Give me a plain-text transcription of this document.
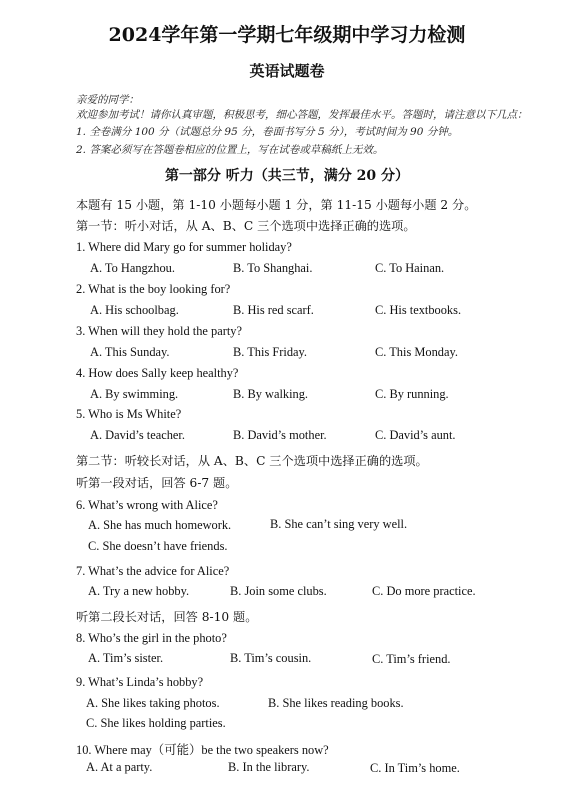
2024学年第一学期七年级期中学习力检测
英语试题卷
亲爱的同学：
欢迎参加考试！请你认真审题，积极思考，细心答题，发挥最佳水平。答题时，请注意以下几点：
1. 全卷满分 100 分（试题总分 95 分，卷面书写分 5 分），考试时间为 90 分钟。
2. 答案必须写在答题卷相应的位置上，写在试卷或草稿纸上无效。
第一部分 听力（共三节，满分 20 分）
本题有 15 小题，第 1-10 小题每小题 1 分，第 11-15 小题每小题 2 分。
第一节：听小对话，从 A、B、C 三个选项中选择正确的选项。
1. Where did Mary go for summer holiday?
A. To Hangzhou.	B. To Shanghai.	C. To Hainan.
2. What is the boy looking for?
A. His schoolbag.	B. His red scarf.	C. His textbooks.
3. When will they hold the party?
A. This Sunday.	B. This Friday.	C. This Monday.
4. How does Sally keep healthy?
A. By swimming.	B. By walking.	C. By running.
5. Who is Ms White?
A. David’s teacher.	B. David’s mother.	C. David’s aunt.
第二节：听较长对话，从 A、B、C 三个选项中选择正确的选项。
听第一段对话，回答 6-7 题。
6. What’s wrong with Alice?
A. She has much homework.	B. She can’t sing very well.
C. She doesn’t have friends.
7. What’s the advice for Alice?
A. Try a new hobby.	B. Join some clubs.	C. Do more practice.
听第二段长对话，回答 8-10 题。
8. Who’s the girl in the photo?
A. Tim’s sister.	B. Tim’s cousin.	C. Tim’s friend.
9. What’s Linda’s hobby?
A. She likes taking photos.	B. She likes reading books.
C. She likes holding parties.
10. Where may（可能）be the two speakers now?
A. At a party.	B. In the library.	C. In Tim’s home.
